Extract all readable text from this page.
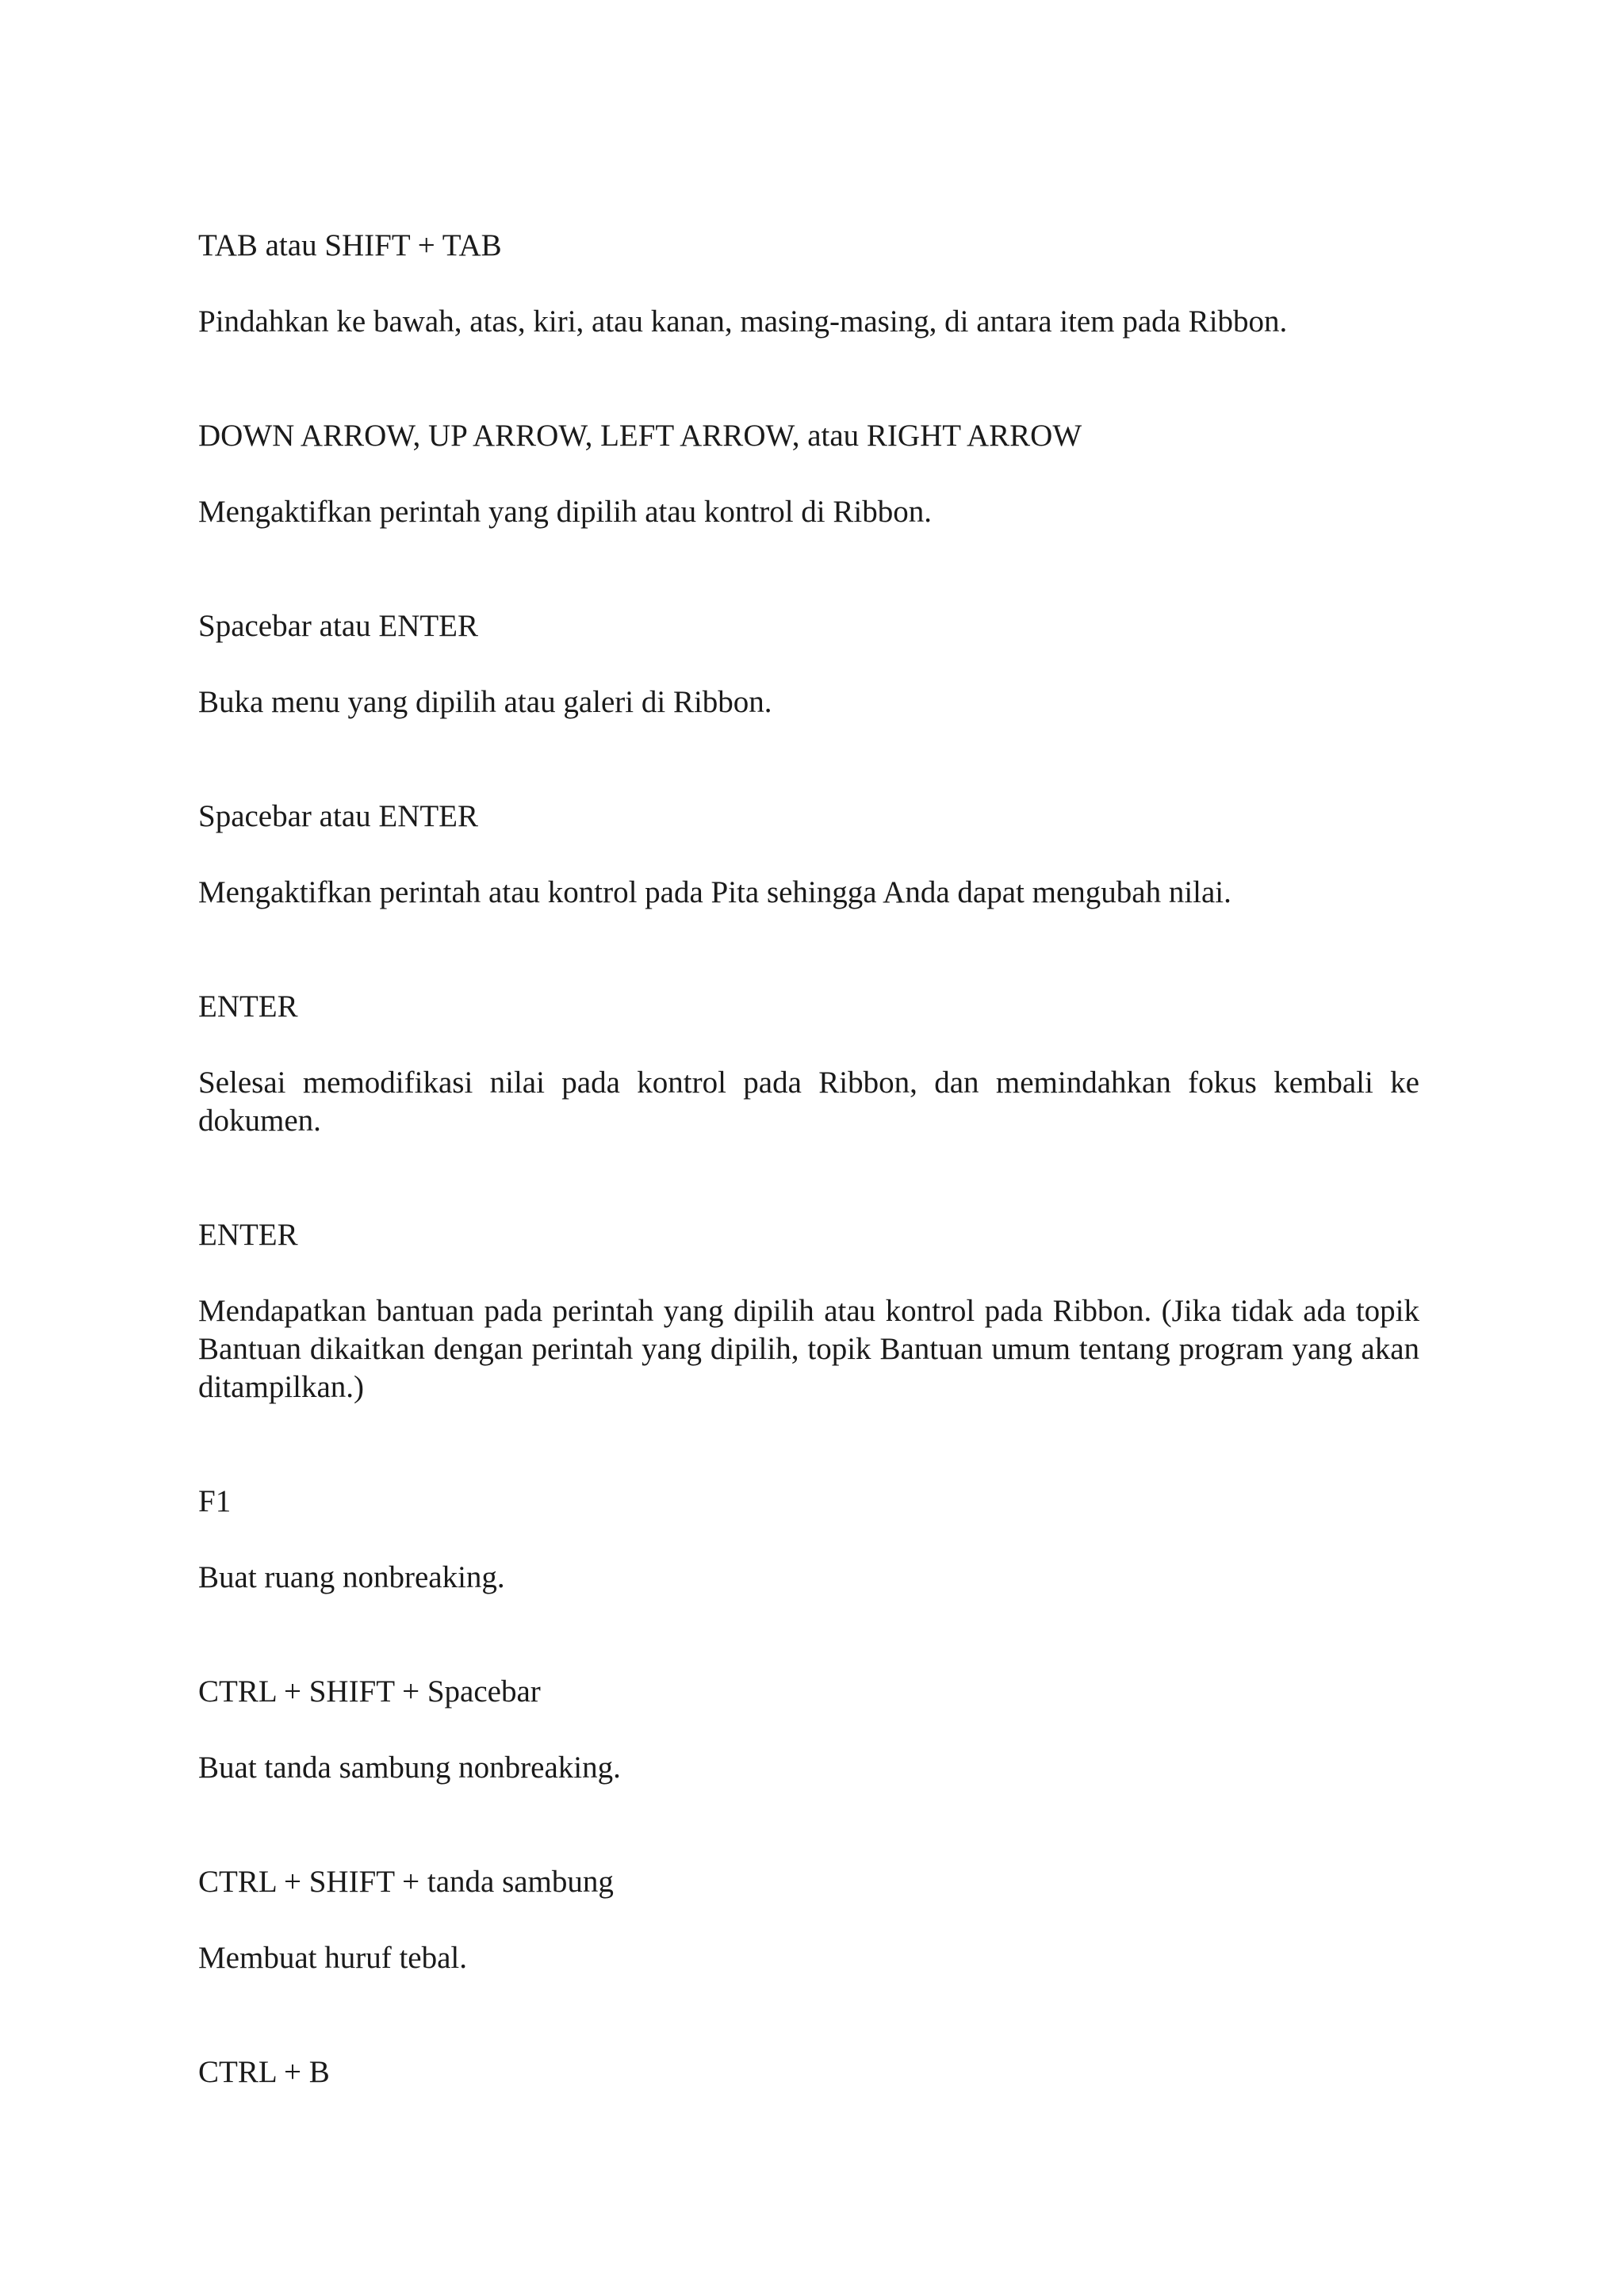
TAB atau SHIFT + TAB

Pindahkan ke bawah, atas, kiri, atau kanan, masing-masing, di antara item pada Ribbon.

DOWN ARROW, UP ARROW, LEFT ARROW, atau RIGHT ARROW

Mengaktifkan perintah yang dipilih atau kontrol di Ribbon.

Spacebar atau ENTER

Buka menu yang dipilih atau galeri di Ribbon.

Spacebar atau ENTER

Mengaktifkan perintah atau kontrol pada Pita sehingga Anda dapat mengubah nilai.

ENTER

Selesai memodifikasi nilai pada kontrol pada Ribbon, dan memindahkan fokus kembali ke dokumen.

ENTER

Mendapatkan bantuan pada perintah yang dipilih atau kontrol pada Ribbon. (Jika tidak ada topik Bantuan dikaitkan dengan perintah yang dipilih, topik Bantuan umum tentang program yang akan ditampilkan.)

F1

Buat ruang nonbreaking.

CTRL + SHIFT + Spacebar

Buat tanda sambung nonbreaking.

CTRL + SHIFT + tanda sambung

Membuat huruf tebal.

CTRL + B
